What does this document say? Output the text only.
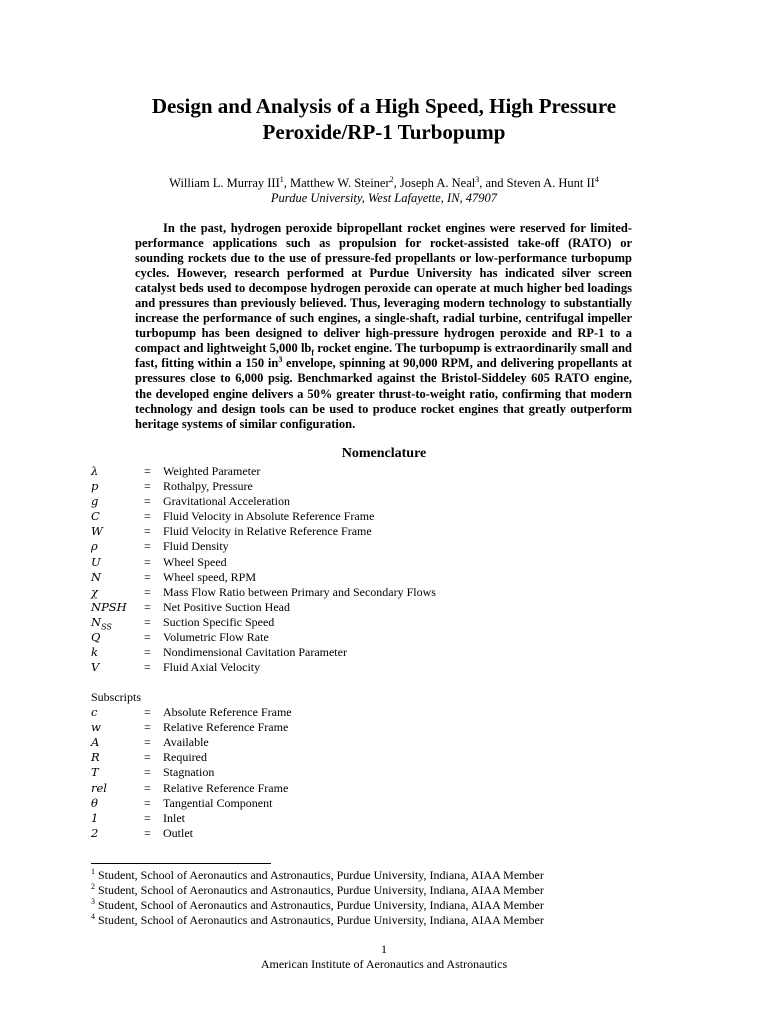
Design and Analysis of a High Speed, High Pressure
Peroxide/RP-1 Turbopump
William L. Murray III$^1$, Matthew W. Steiner$^2$, Joseph A. Neal$^3$, and Steven A. Hunt $II^4$
Purdue University, West Lafayette, IN, 47907
In the past, hydrogen peroxide bipropellant rocket engines were reserved for limited-performance applications such as propulsion for rocket-assisted take-off (RATO) or sounding rockets due to the use of pressure-fed propellants or low-performance turbopump cycles. However, research performed at Purdue University has indicated silver screen catalyst beds used to decompose hydrogen peroxide can operate at much higher bed loadings and pressures than previously believed. Thus, leveraging modern technology to substantially increase the performance of such engines, a single-shaft, radial turbine, centrifugal impeller turbopump has been designed to deliver high-pressure hydrogen peroxide and RP-1 to a compact and lightweight 5,000 $lb_f$ rocket engine. The turbopump is extraordinarily small and fast, fitting within a 150 $in^3$ envelope, spinning at 90,000 RPM, and delivering propellants at pressures close to 6,000 psig. Benchmarked against the Bristol-Siddeley 605 RATO engine, the developed engine delivers a 50% greater thrust-to-weight ratio, confirming that modern technology and design tools can be used to produce rocket engines that greatly outperform heritage systems of similar configuration.
Nomenclature
λ	= Weighted Parameter
p	= Rothalpy, Pressure
g	= Gravitational Acceleration
C	= Fluid Velocity in Absolute Reference Frame
W	= Fluid Velocity in Relative Reference Frame
ρ	= Fluid Density
U	= Wheel Speed
N	= Wheel speed, RPM
χ	= Mass Flow Ratio between Primary and Secondary Flows
NPSH = Net Positive Suction Head
$N_{SS}$	= Suction Specific Speed
Q	= Volumetric Flow Rate
k	= Nondimensional Cavitation Parameter
V	= Fluid Axial Velocity
Subscripts
c	= Absolute Reference Frame
w	= Relative Reference Frame
A	= Available
R	= Required
T	= Stagnation
rel	= Relative Reference Frame
θ	= Tangential Component
1	= Inlet
2	= Outlet
$^1$ Student, School of Aeronautics and Astronautics, Purdue University, Indiana, AIAA Member
$^2$ Student, School of Aeronautics and Astronautics, Purdue University, Indiana, AIAA Member
$^3$ Student, School of Aeronautics and Astronautics, Purdue University, Indiana, AIAA Member
$^4$ Student, School of Aeronautics and Astronautics, Purdue University, Indiana, AIAA Member
1
American Institute of Aeronautics and Astronautics
